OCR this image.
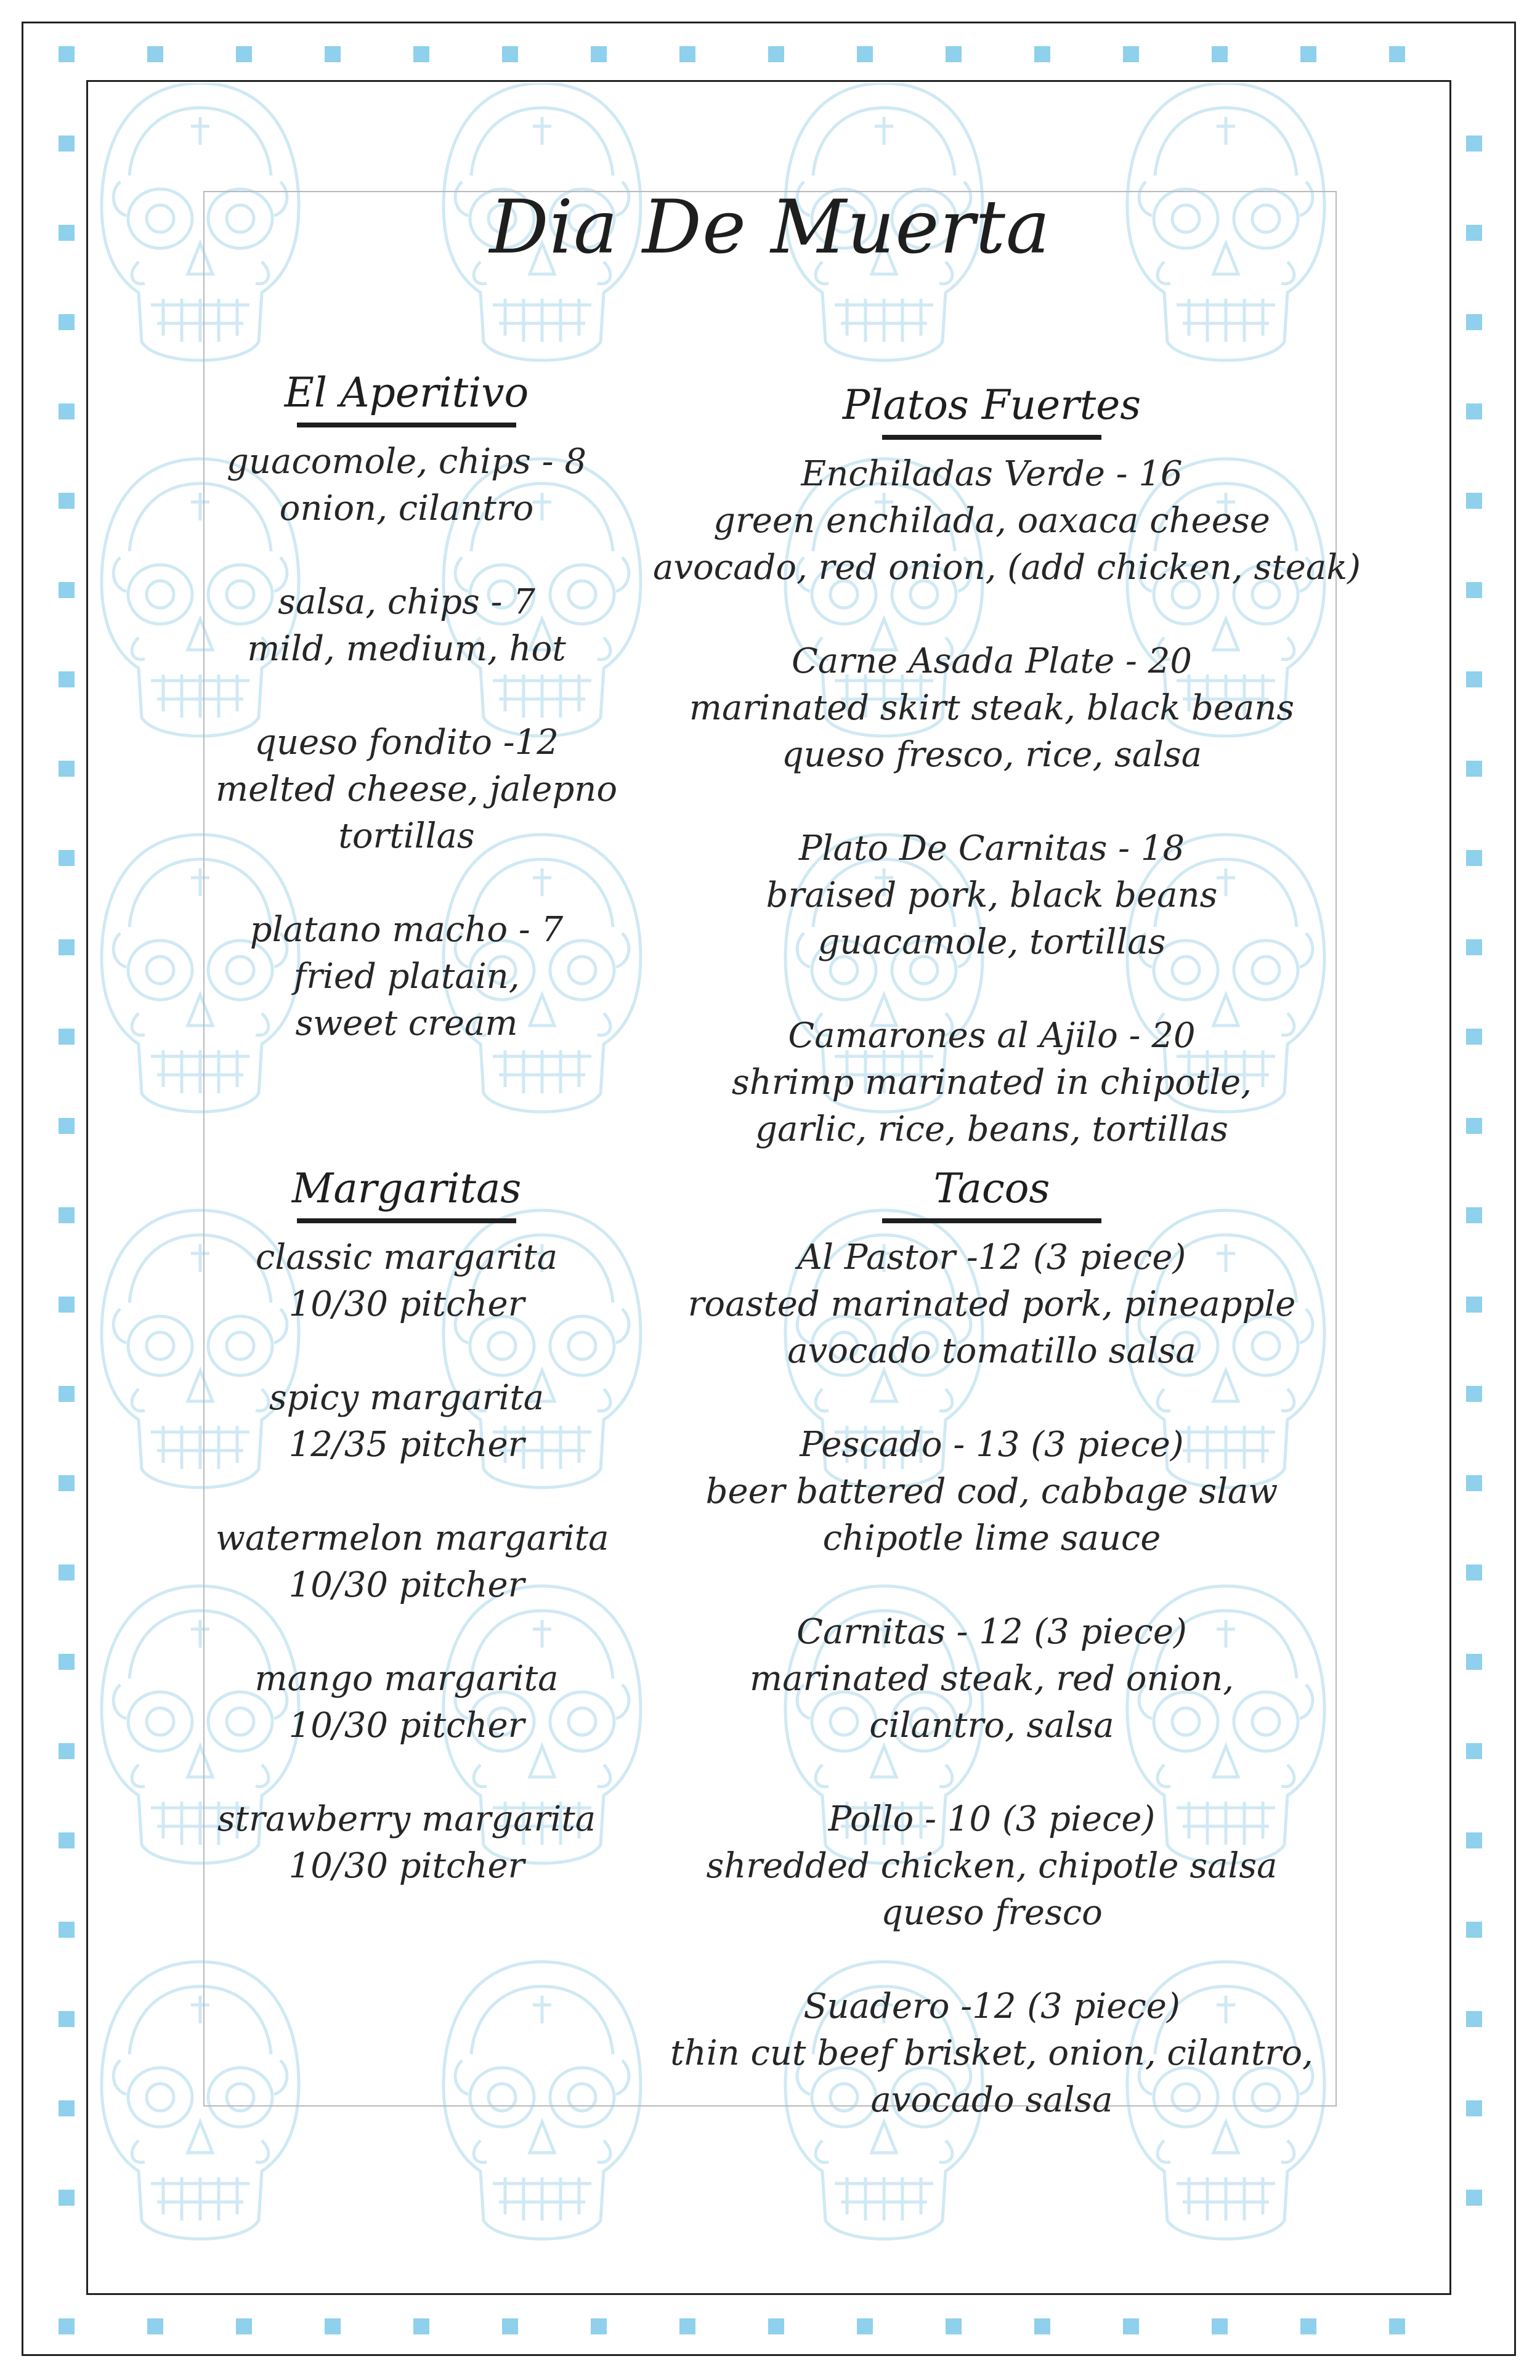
Dia De Muerta
El Aperitivo
guacomole, chips - 8
onion, cilantro
salsa, chips - 7
mild, medium, hot
queso fondito -12
melted cheese, jalepno
tortillas
platano macho - 7
fried platain,
sweet cream
Platos Fuertes
Enchiladas Verde - 16
green enchilada, oaxaca cheese
avocado, red onion, (add chicken, steak)
Carne Asada Plate - 20
marinated skirt steak, black beans
queso fresco, rice, salsa
Plato De Carnitas - 18
braised pork, black beans
guacamole, tortillas
Camarones al Ajilo - 20
shrimp marinated in chipotle,
garlic, rice, beans, tortillas
Margaritas
classic margarita
10/30 pitcher
spicy margarita
12/35 pitcher
watermelon margarita
10/30 pitcher
mango margarita
10/30 pitcher
strawberry margarita
10/30 pitcher
Tacos
Al Pastor -12 (3 piece)
roasted marinated pork, pineapple
avocado tomatillo salsa
Pescado - 13 (3 piece)
beer battered cod, cabbage slaw
chipotle lime sauce
Carnitas - 12 (3 piece)
marinated steak, red onion,
cilantro, salsa
Pollo - 10 (3 piece)
shredded chicken, chipotle salsa
queso fresco
Suadero -12 (3 piece)
thin cut beef brisket, onion, cilantro,
avocado salsa
